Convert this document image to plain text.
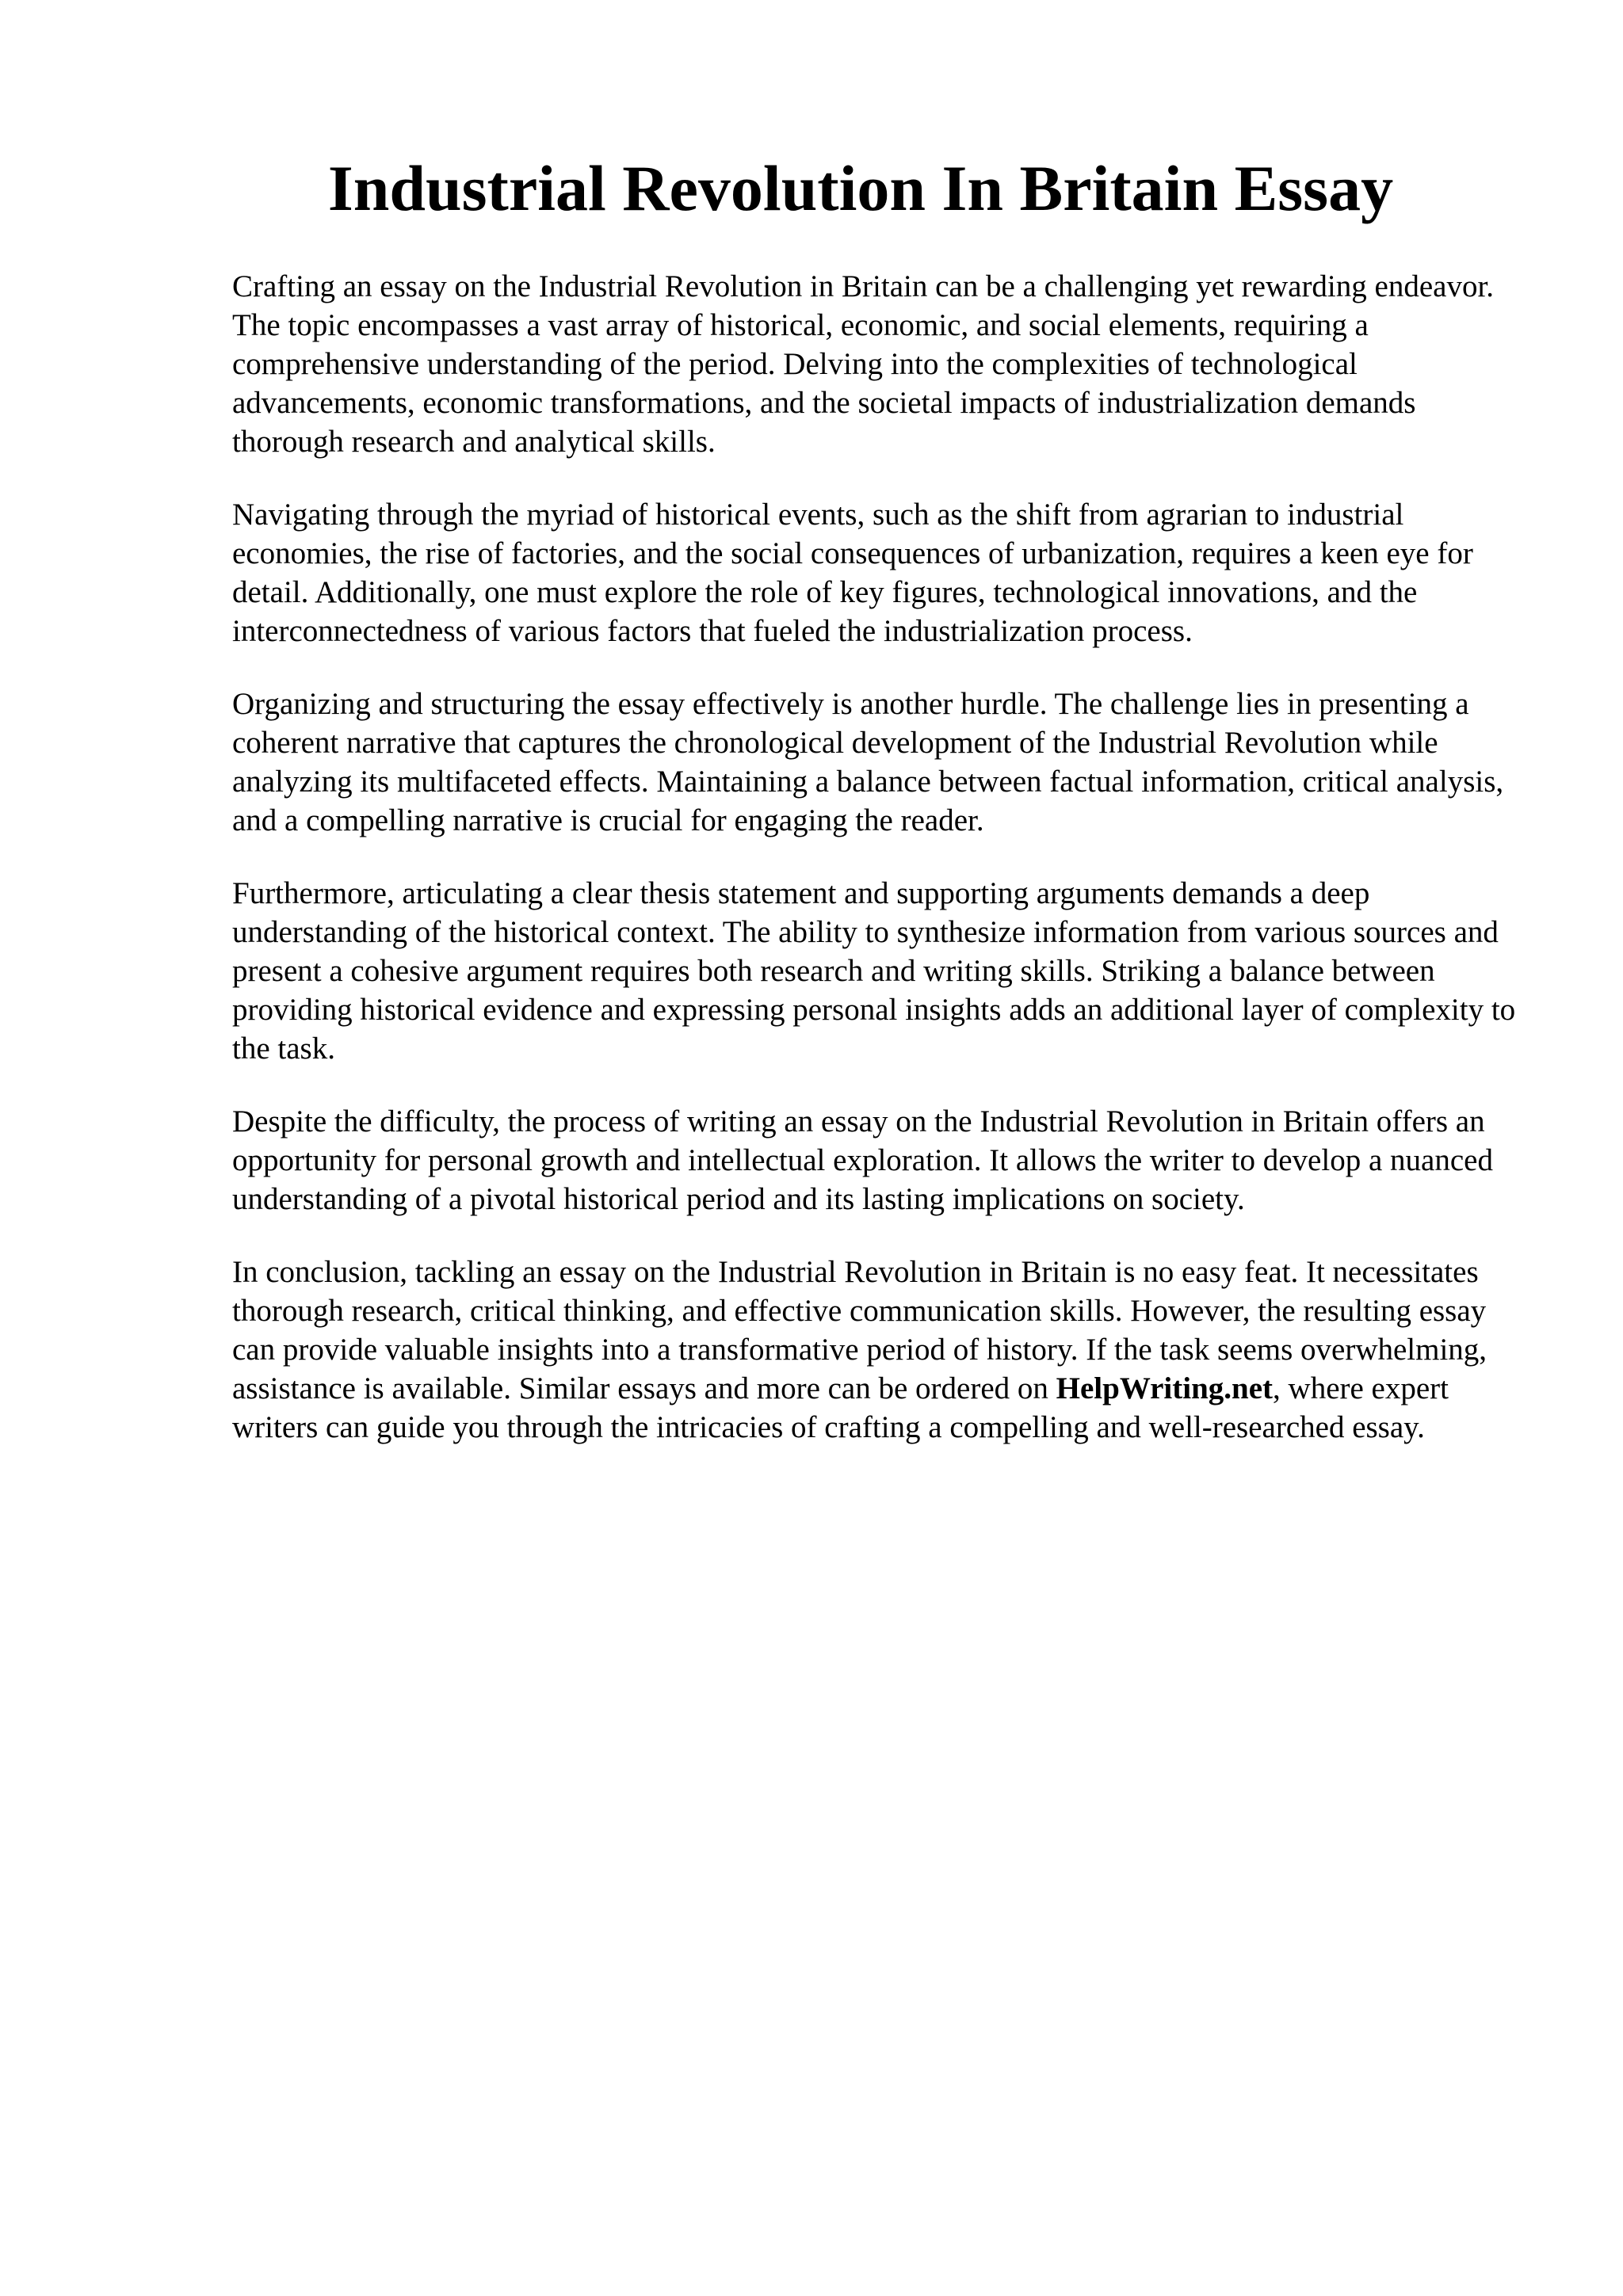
Industrial Revolution In Britain Essay

Crafting an essay on the Industrial Revolution in Britain can be a challenging yet rewarding endeavor. The topic encompasses a vast array of historical, economic, and social elements, requiring a comprehensive understanding of the period. Delving into the complexities of technological advancements, economic transformations, and the societal impacts of industrialization demands thorough research and analytical skills.

Navigating through the myriad of historical events, such as the shift from agrarian to industrial economies, the rise of factories, and the social consequences of urbanization, requires a keen eye for detail. Additionally, one must explore the role of key figures, technological innovations, and the interconnectedness of various factors that fueled the industrialization process.

Organizing and structuring the essay effectively is another hurdle. The challenge lies in presenting a coherent narrative that captures the chronological development of the Industrial Revolution while analyzing its multifaceted effects. Maintaining a balance between factual information, critical analysis, and a compelling narrative is crucial for engaging the reader.

Furthermore, articulating a clear thesis statement and supporting arguments demands a deep understanding of the historical context. The ability to synthesize information from various sources and present a cohesive argument requires both research and writing skills. Striking a balance between providing historical evidence and expressing personal insights adds an additional layer of complexity to the task.

Despite the difficulty, the process of writing an essay on the Industrial Revolution in Britain offers an opportunity for personal growth and intellectual exploration. It allows the writer to develop a nuanced understanding of a pivotal historical period and its lasting implications on society.

In conclusion, tackling an essay on the Industrial Revolution in Britain is no easy feat. It necessitates thorough research, critical thinking, and effective communication skills. However, the resulting essay can provide valuable insights into a transformative period of history. If the task seems overwhelming, assistance is available. Similar essays and more can be ordered on HelpWriting.net, where expert writers can guide you through the intricacies of crafting a compelling and well-researched essay.
